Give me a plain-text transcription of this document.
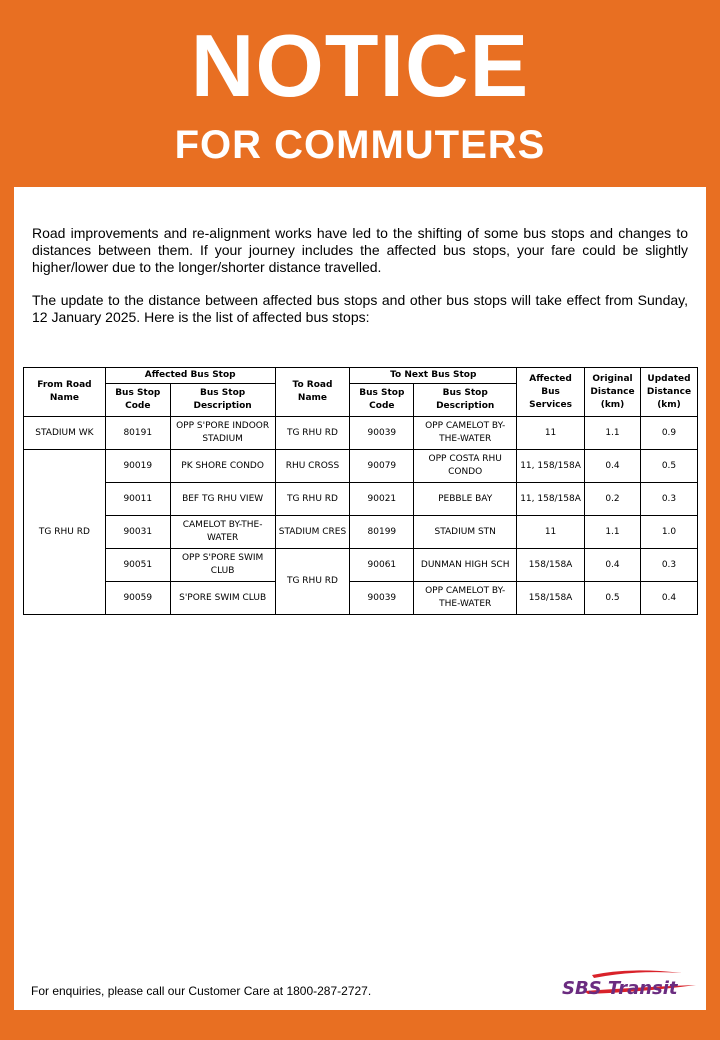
NOTICE
FOR COMMUTERS

Road improvements and re-alignment works have led to the shifting of some bus stops and changes to distances between them. If your journey includes the affected bus stops, your fare could be slightly higher/lower due to the longer/shorter distance travelled.

The update to the distance between affected bus stops and other bus stops will take effect from Sunday, 12 January 2025. Here is the list of affected bus stops:

From Road Name	Affected Bus Stop		To Road Name	To Next Bus Stop		Affected Bus Services	Original Distance (km)	Updated Distance (km)
	Bus Stop Code	Bus Stop Description		Bus Stop Code	Bus Stop Description			
STADIUM WK	80191	OPP S'PORE INDOOR STADIUM	TG RHU RD	90039	OPP CAMELOT BY-THE-WATER	11	1.1	0.9
TG RHU RD	90019	PK SHORE CONDO	RHU CROSS	90079	OPP COSTA RHU CONDO	11, 158/158A	0.4	0.5
	90011	BEF TG RHU VIEW	TG RHU RD	90021	PEBBLE BAY	11, 158/158A	0.2	0.3
	90031	CAMELOT BY-THE-WATER	STADIUM CRES	80199	STADIUM STN	11	1.1	1.0
	90051	OPP S'PORE SWIM CLUB	TG RHU RD	90061	DUNMAN HIGH SCH	158/158A	0.4	0.3
	90059	S'PORE SWIM CLUB		90039	OPP CAMELOT BY-THE-WATER	158/158A	0.5	0.4
For enquiries, please call our Customer Care at 1800-287-2727.	SBS Transit
